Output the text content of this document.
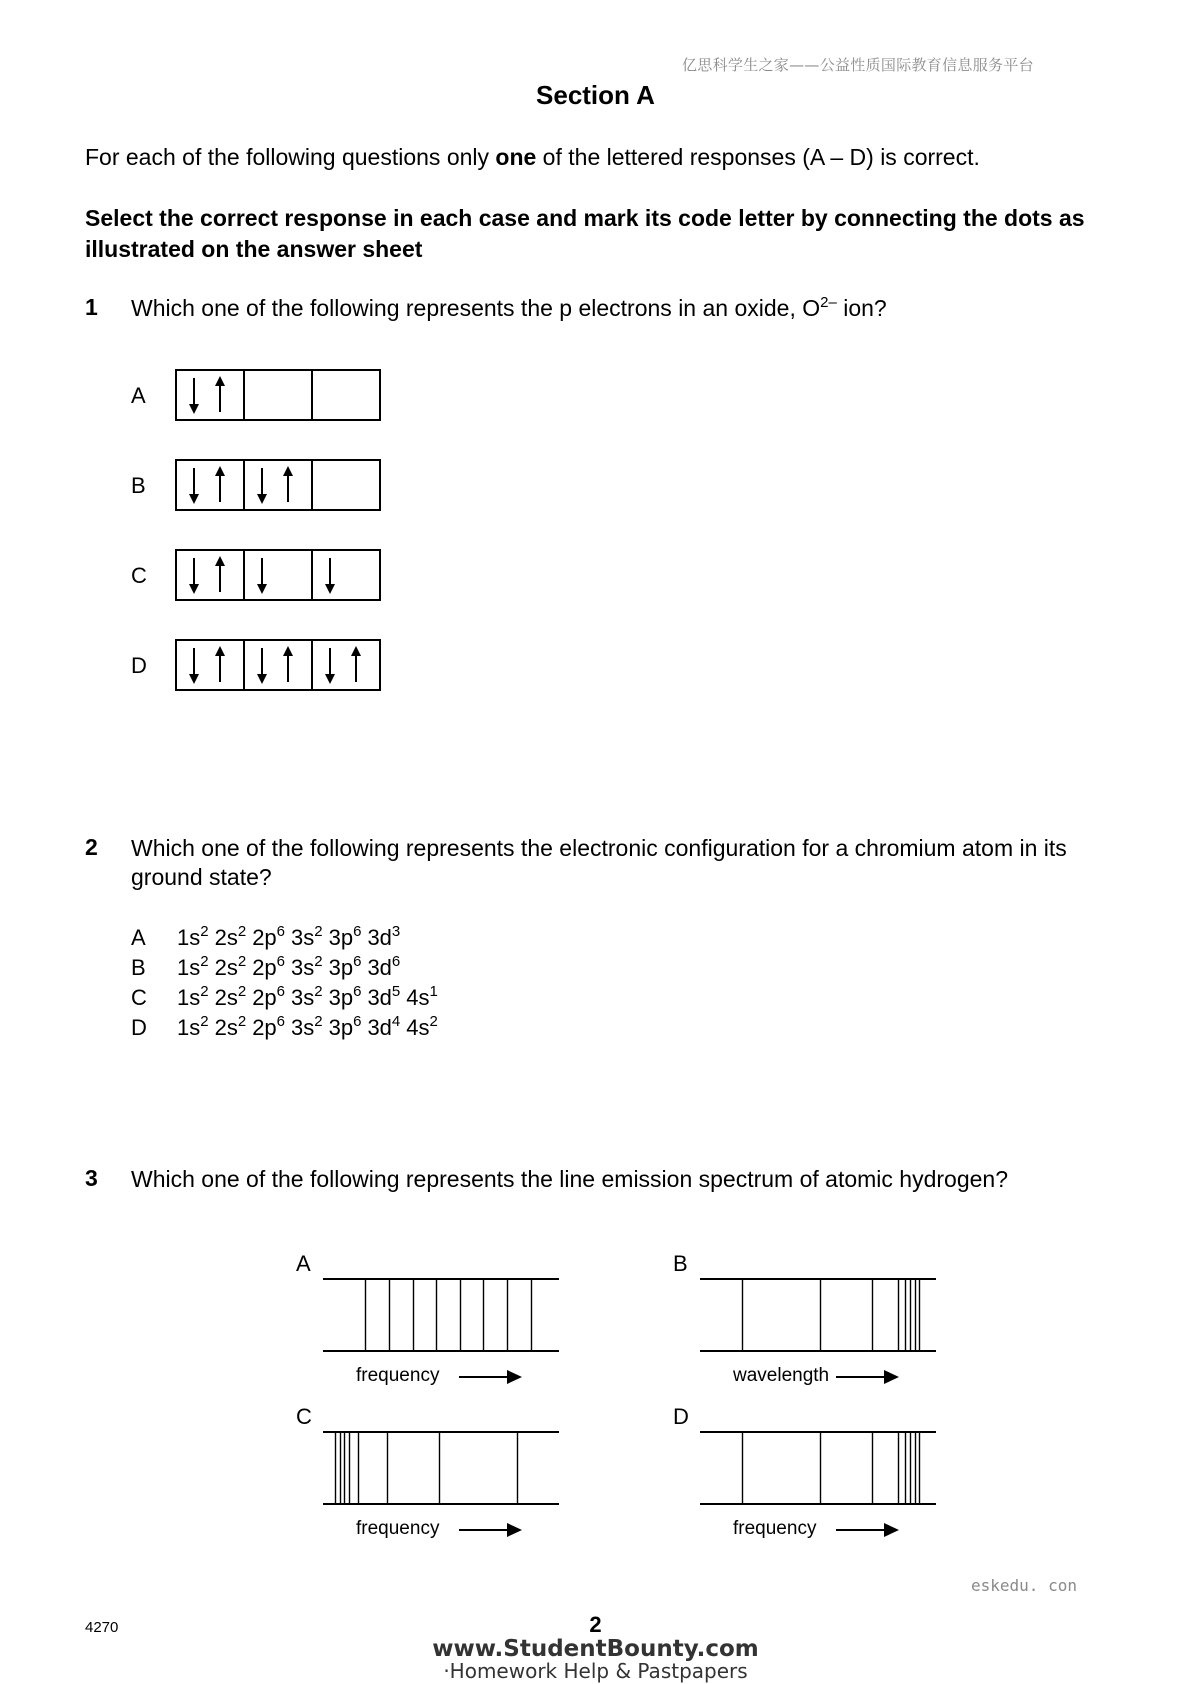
亿思科学生之家——公益性质国际教育信息服务平台
Section A
For each of the following questions only one of the lettered responses (A – D) is correct.
Select the correct response in each case and mark its code letter by connecting the dots as illustrated on the answer sheet
1 Which one of the following represents the p electrons in an oxide, $O^{2-}$ ion?
A
B
C
D
2 Which one of the following represents the electronic configuration for a chromium atom in its ground state?
A $1s^2$ $2s^2$ $2p^6$ $3s^2$ $3p^6$ $3d^3$
B $1s^2$ $2s^2$ $2p^6$ $3s^2$ $3p^6$ $3d^6$
C $1s^2$ $2s^2$ $2p^6$ $3s^2$ $3p^6$ $3d^5$ $4s^1$
D $1s^2$ $2s^2$ $2p^6$ $3s^2$ $3p^6$ $3d^4$ $4s^2$
3 Which one of the following represents the line emission spectrum of atomic hydrogen?
A
frequency
B
wavelength
C
frequency
D
frequency
eskedu. con
4270	2
www.StudentBounty.com
·Homework Help & Pastpapers
